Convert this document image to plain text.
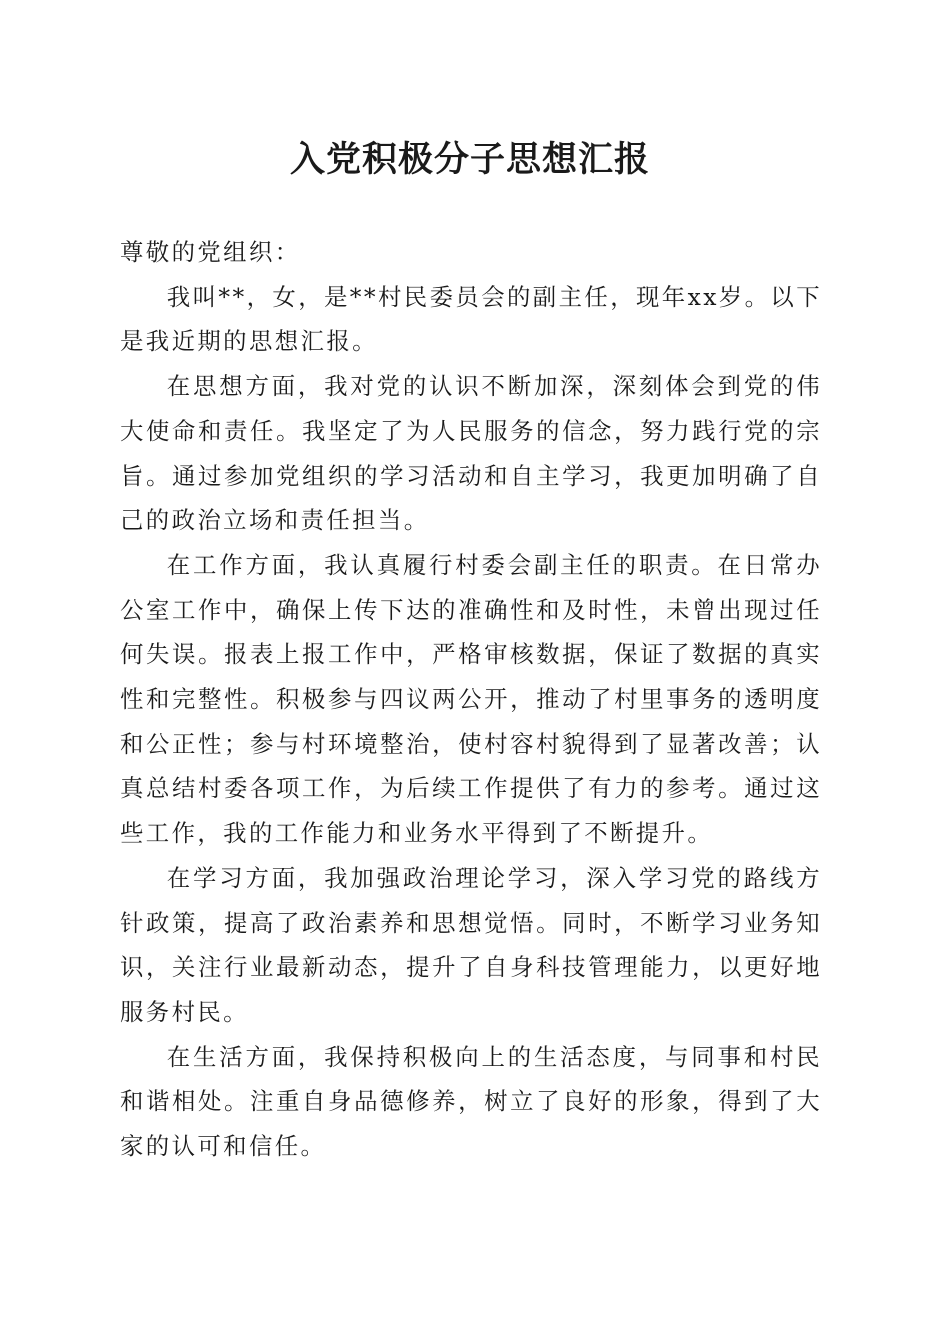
入党积极分子思想汇报

尊敬的党组织：

我叫**，女，是**村民委员会的副主任，现年xx岁。以下是我近期的思想汇报。

在思想方面，我对党的认识不断加深，深刻体会到党的伟大使命和责任。我坚定了为人民服务的信念，努力践行党的宗旨。通过参加党组织的学习活动和自主学习，我更加明确了自己的政治立场和责任担当。

在工作方面，我认真履行村委会副主任的职责。在日常办公室工作中，确保上传下达的准确性和及时性，未曾出现过任何失误。报表上报工作中，严格审核数据，保证了数据的真实性和完整性。积极参与四议两公开，推动了村里事务的透明度和公正性；参与村环境整治，使村容村貌得到了显著改善；认真总结村委各项工作，为后续工作提供了有力的参考。通过这些工作，我的工作能力和业务水平得到了不断提升。

在学习方面，我加强政治理论学习，深入学习党的路线方针政策，提高了政治素养和思想觉悟。同时，不断学习业务知识，关注行业最新动态，提升了自身科技管理能力，以更好地服务村民。

在生活方面，我保持积极向上的生活态度，与同事和村民和谐相处。注重自身品德修养，树立了良好的形象，得到了大家的认可和信任。
